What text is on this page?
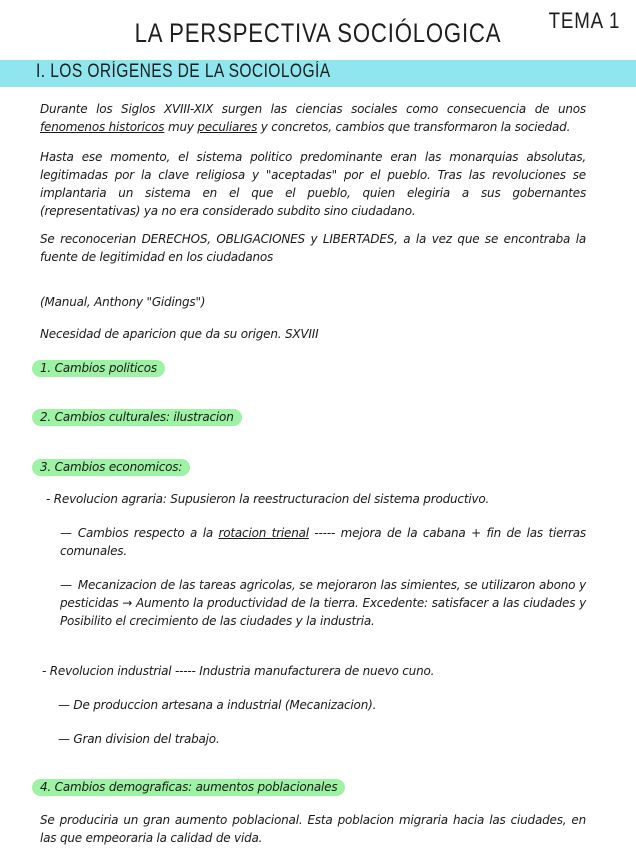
LA PERSPECTIVA SOCIÓLOGICA	TEMA 1
I. LOS ORÍGENES DE LA SOCIOLOGÍA
Durante los Siglos XVIII-XIX surgen las ciencias sociales como consecuencia de unos fenomenos historicos muy peculiares y concretos, cambios que transformaron la sociedad.
Hasta ese momento, el sistema politico predominante eran las monarquias absolutas, legitimadas por la clave religiosa y "aceptadas" por el pueblo. Tras las revoluciones se implantaria un sistema en el que el pueblo, quien elegiria a sus gobernantes (representativas) ya no era considerado subdito sino ciudadano.
Se reconocerian DERECHOS, OBLIGACIONES y LIBERTADES, a la vez que se encontraba la fuente de legitimidad en los ciudadanos
(Manual, Anthony "Gidings")
Necesidad de aparicion que da su origen. SXVIII
1. Cambios politicos
2. Cambios culturales: ilustracion
3. Cambios economicos:
- Revolucion agraria: Supusieron la reestructuracion del sistema productivo.
— Cambios respecto a la rotacion trienal ----- mejora de la cabana + fin de las tierras comunales.
— Mecanizacion de las tareas agricolas, se mejoraron las simientes, se utilizaron abono y pesticidas → Aumento la productividad de la tierra. Excedente: satisfacer a las ciudades y Posibilito el crecimiento de las ciudades y la industria.
- Revolucion industrial ----- Industria manufacturera de nuevo cuno.
— De produccion artesana a industrial (Mecanizacion).
— Gran division del trabajo.
4. Cambios demograficas: aumentos poblacionales
Se produciria un gran aumento poblacional. Esta poblacion migraria hacia las ciudades, en las que empeoraria la calidad de vida.
